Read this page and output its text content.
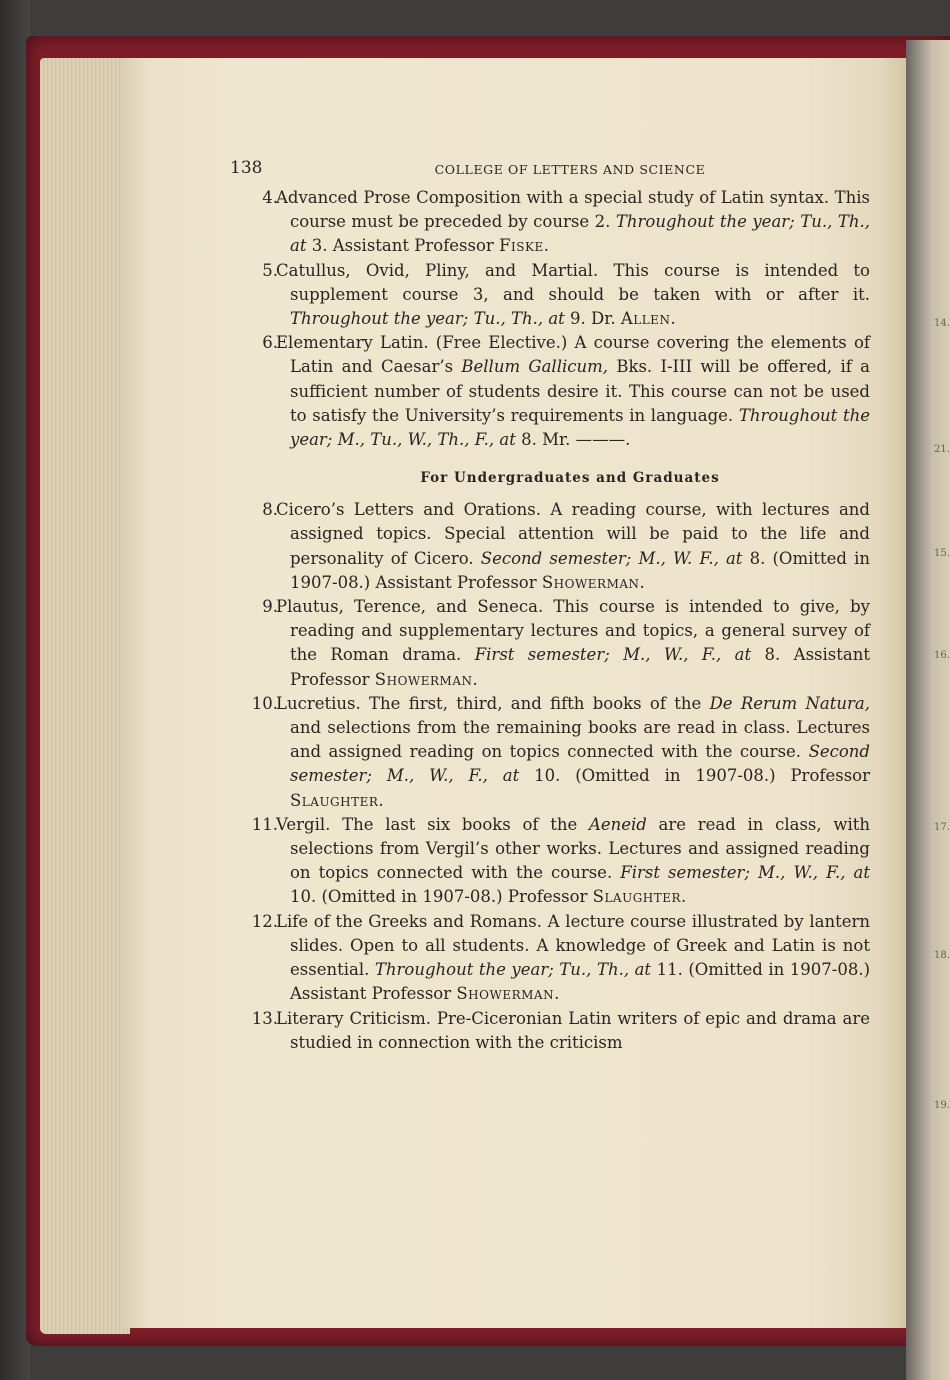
14.
21.
15.
16.
17.
18.
19.
138	COLLEGE OF LETTERS AND SCIENCE
4.
Advanced Prose Composition with a special study of Latin syntax. This course must be preceded by course 2. Throughout the year; Tu., Th., at 3. Assistant Professor Fiske.
5.
Catullus, Ovid, Pliny, and Martial. This course is intended to supplement course 3, and should be taken with or after it. Throughout the year; Tu., Th., at 9. Dr. Allen.
6.
Elementary Latin. (Free Elective.) A course covering the elements of Latin and Caesar’s Bellum Gallicum, Bks. I-III will be offered, if a sufficient number of students desire it. This course can not be used to satisfy the University’s requirements in language. Throughout the year; M., Tu., W., Th., F., at 8. Mr. ———.
For Undergraduates and Graduates
8.
Cicero’s Letters and Orations. A reading course, with lectures and assigned topics. Special attention will be paid to the life and personality of Cicero. Second semester; M., W. F., at 8. (Omitted in 1907-08.) Assistant Professor Showerman.
9.
Plautus, Terence, and Seneca. This course is intended to give, by reading and supplementary lectures and topics, a general survey of the Roman drama. First semester; M., W., F., at 8. Assistant Professor Showerman.
10.
Lucretius. The first, third, and fifth books of the De Rerum Natura, and selections from the remaining books are read in class. Lectures and assigned reading on topics connected with the course. Second semester; M., W., F., at 10. (Omitted in 1907-08.) Professor Slaughter.
11.
Vergil. The last six books of the Aeneid are read in class, with selections from Vergil’s other works. Lectures and assigned reading on topics connected with the course. First semester; M., W., F., at 10. (Omitted in 1907-08.) Professor Slaughter.
12.
Life of the Greeks and Romans. A lecture course illustrated by lantern slides. Open to all students. A knowledge of Greek and Latin is not essential. Throughout the year; Tu., Th., at 11. (Omitted in 1907-08.) Assistant Professor Showerman.
13.
Literary Criticism. Pre-Ciceronian Latin writers of epic and drama are studied in connection with the criticism
